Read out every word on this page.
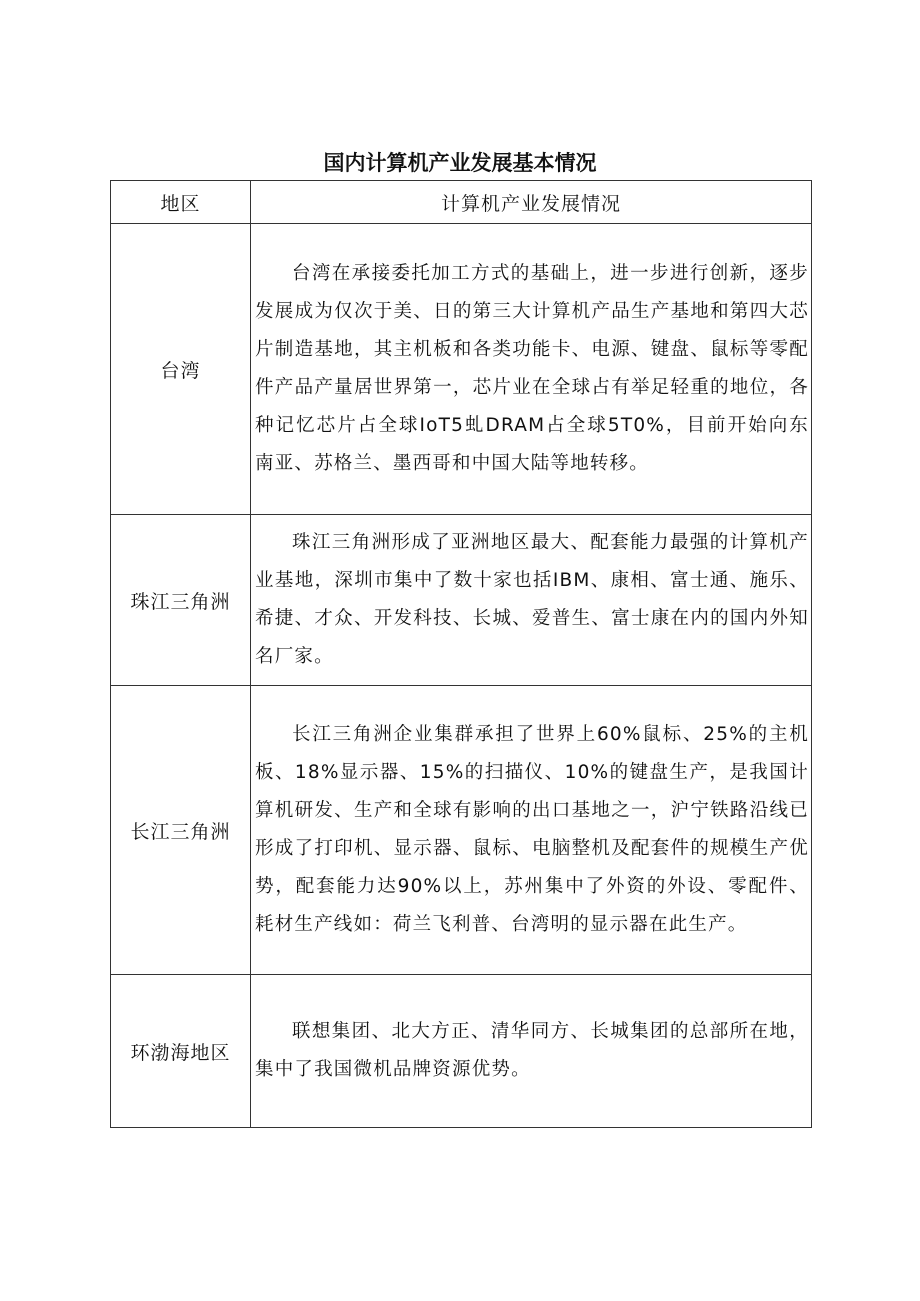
国内计算机产业发展基本情况
地区	计算机产业发展情况
台湾	台湾在承接委托加工方式的基础上，进一步进行创新，逐步发展成为仅次于美、日的第三大计算机产品生产基地和第四大芯片制造基地，其主机板和各类功能卡、电源、键盘、鼠标等零配件产品产量居世界第一，芯片业在全球占有举足轻重的地位，各种记忆芯片占全球IoT5虬DRAM占全球5T0%，目前开始向东南亚、苏格兰、墨西哥和中国大陆等地转移。
珠江三角洲	珠江三角洲形成了亚洲地区最大、配套能力最强的计算机产业基地，深圳市集中了数十家也括IBM、康相、富士通、施乐、希捷、才众、开发科技、长城、爱普生、富士康在内的国内外知名厂家。
长江三角洲	长江三角洲企业集群承担了世界上60%鼠标、25%的主机板、18%显示器、15%的扫描仪、10%的键盘生产，是我国计算机研发、生产和全球有影响的出口基地之一，沪宁铁路沿线已形成了打印机、显示器、鼠标、电脑整机及配套件的规模生产优势，配套能力达90%以上，苏州集中了外资的外设、零配件、耗材生产线如：荷兰飞利普、台湾明的显示器在此生产。
环渤海地区	联想集团、北大方正、清华同方、长城集团的总部所在地，集中了我国微机品牌资源优势。
